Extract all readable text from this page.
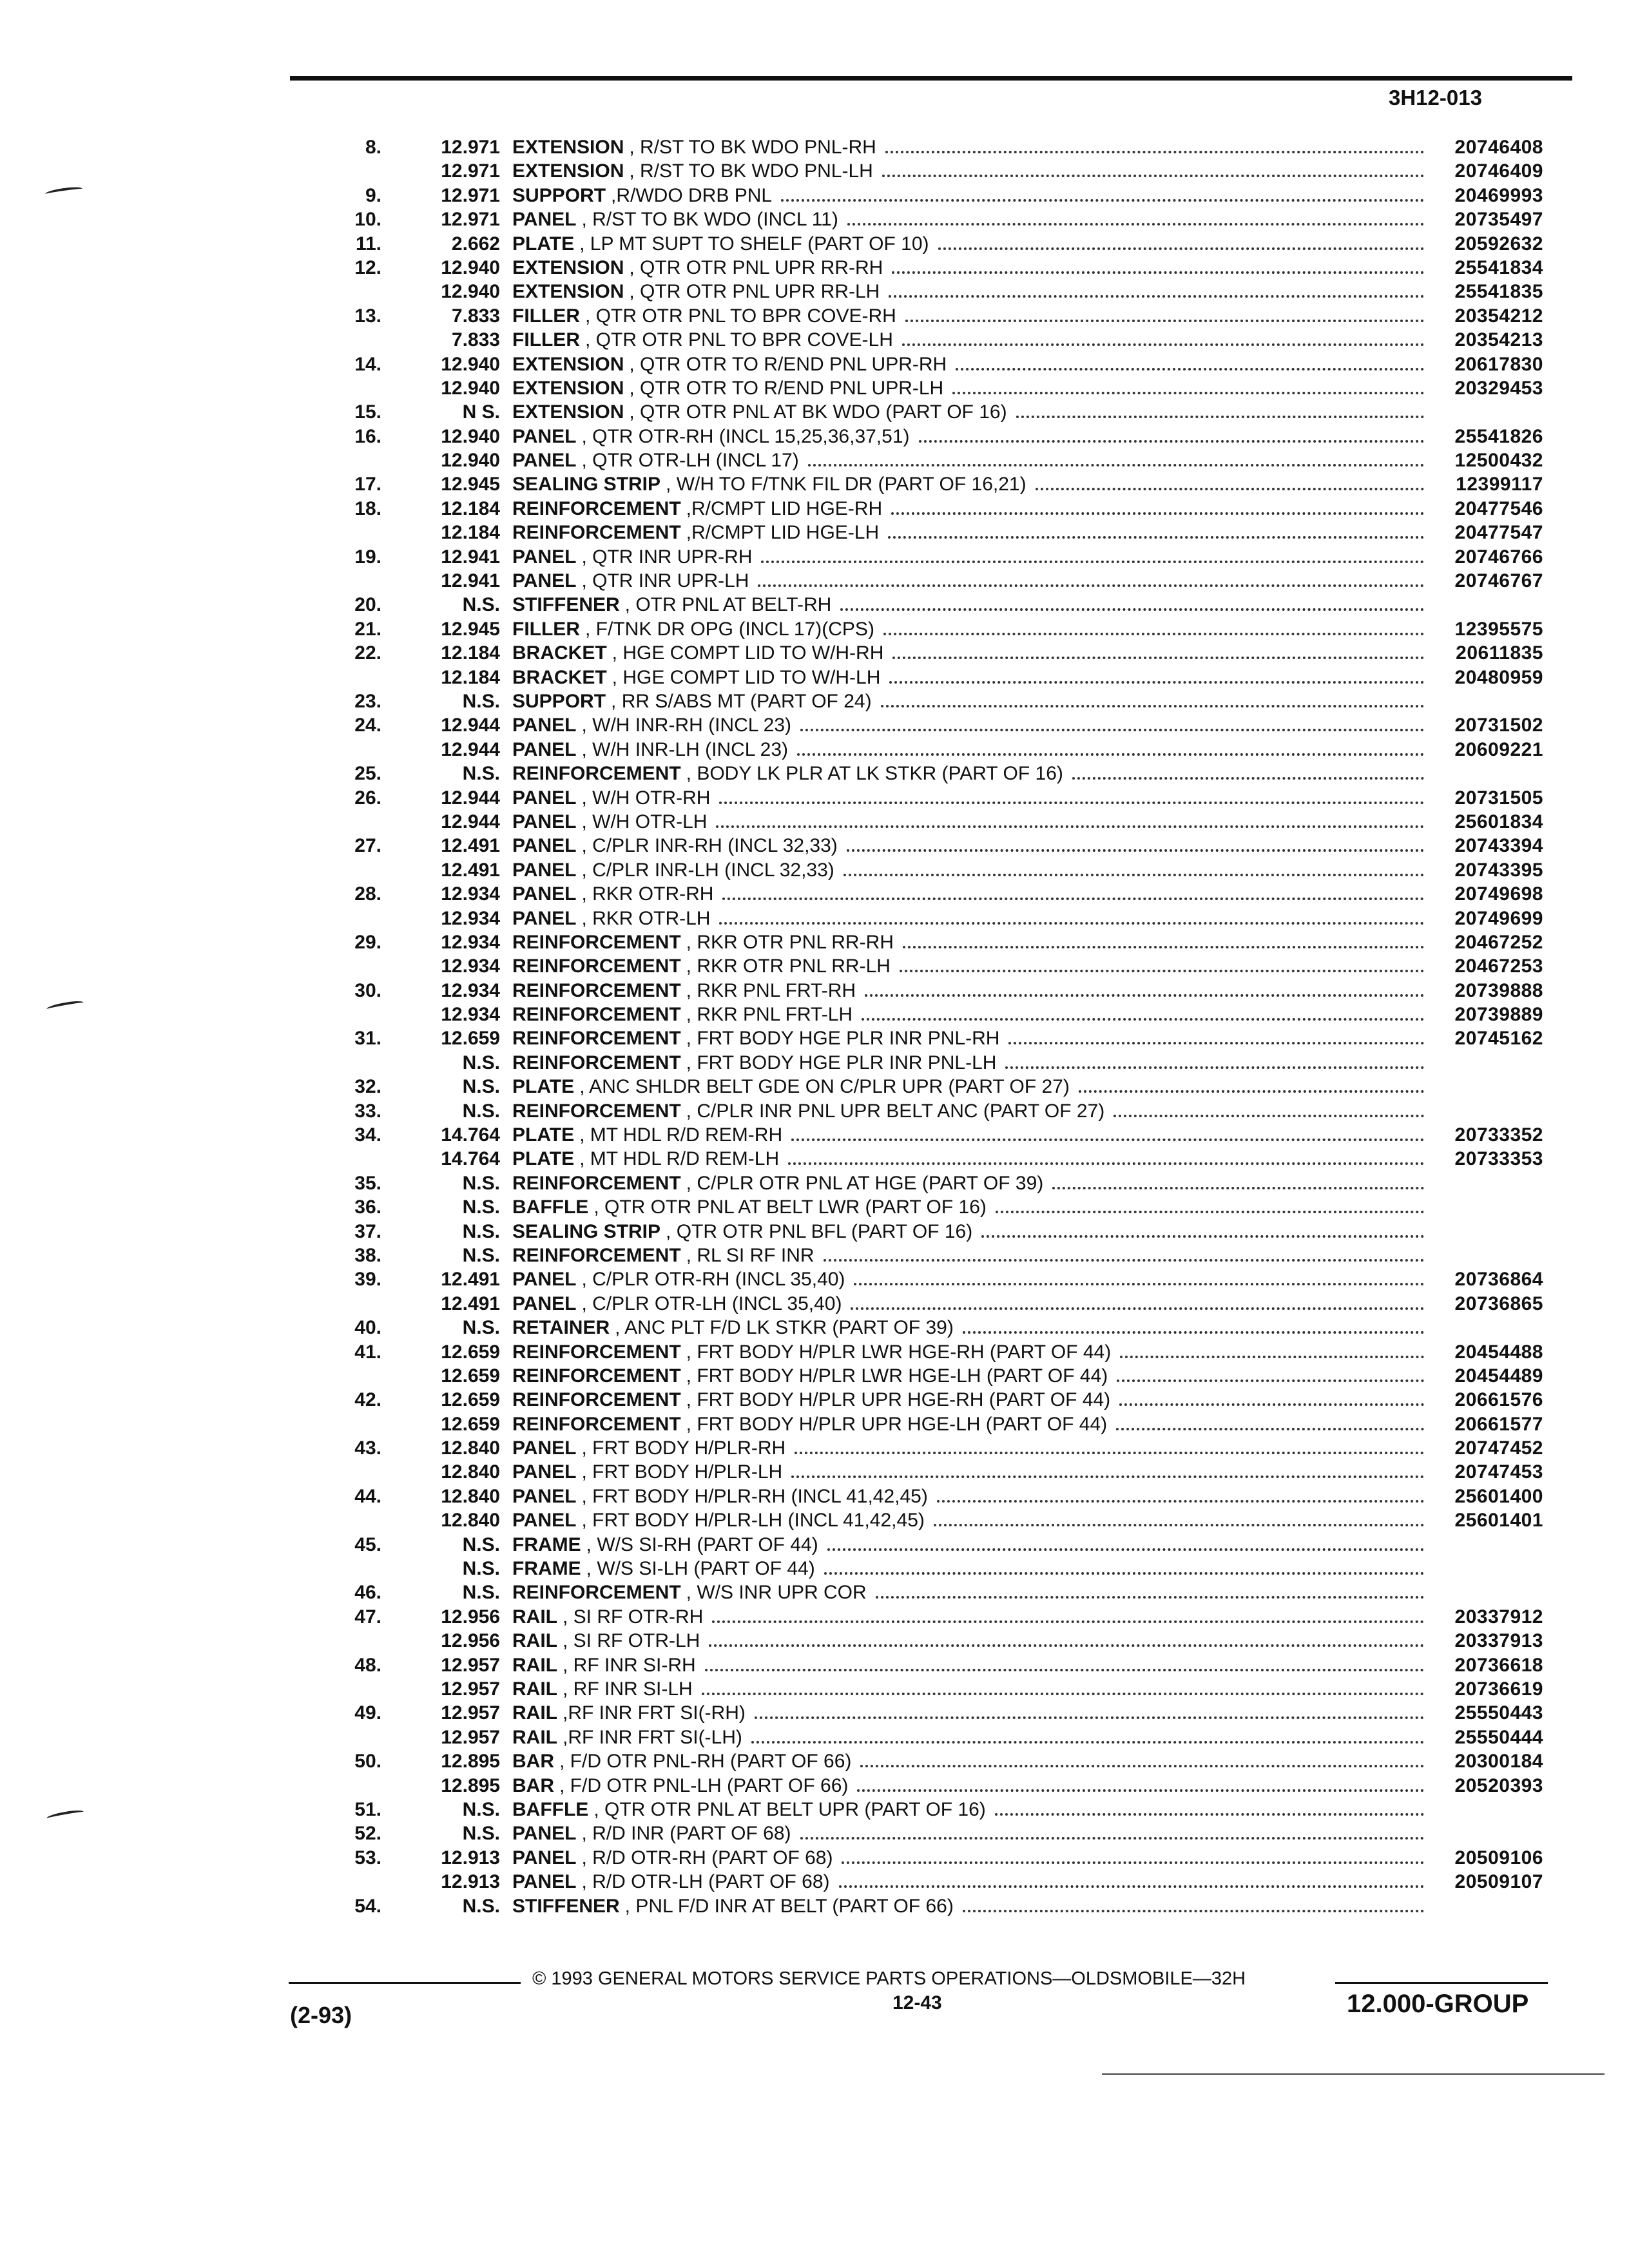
3H12-013
8.	12.971 EXTENSION , R/ST TO BK WDO PNL-RH	20746408
12.971 EXTENSION , R/ST TO BK WDO PNL-LH	20746409
9.	12.971 SUPPORT ,R/WDO DRB PNL	20469993
10.	12.971 PANEL , R/ST TO BK WDO (INCL 11)	20735497
11.	2.662 PLATE , LP MT SUPT TO SHELF (PART OF 10)	20592632
12.	12.940 EXTENSION , QTR OTR PNL UPR RR-RH	25541834
12.940 EXTENSION , QTR OTR PNL UPR RR-LH	25541835
13.	7.833 FILLER , QTR OTR PNL TO BPR COVE-RH	20354212
7.833 FILLER , QTR OTR PNL TO BPR COVE-LH	20354213
14.	12.940 EXTENSION , QTR OTR TO R/END PNL UPR-RH	20617830
12.940 EXTENSION , QTR OTR TO R/END PNL UPR-LH	20329453
15.	N S. EXTENSION , QTR OTR PNL AT BK WDO (PART OF 16)
16.	12.940 PANEL , QTR OTR-RH (INCL 15,25,36,37,51)	25541826
12.940 PANEL , QTR OTR-LH (INCL 17)	12500432
17.	12.945 SEALING STRIP , W/H TO F/TNK FIL DR (PART OF 16,21)	12399117
18.	12.184 REINFORCEMENT ,R/CMPT LID HGE-RH	20477546
12.184 REINFORCEMENT ,R/CMPT LID HGE-LH	20477547
19.	12.941 PANEL , QTR INR UPR-RH	20746766
12.941 PANEL , QTR INR UPR-LH	20746767
20.	N.S. STIFFENER , OTR PNL AT BELT-RH
21.	12.945 FILLER , F/TNK DR OPG (INCL 17)(CPS)	12395575
22.	12.184 BRACKET , HGE COMPT LID TO W/H-RH	20611835
12.184 BRACKET , HGE COMPT LID TO W/H-LH	20480959
23.	N.S. SUPPORT , RR S/ABS MT (PART OF 24)
24.	12.944 PANEL , W/H INR-RH (INCL 23)	20731502
12.944 PANEL , W/H INR-LH (INCL 23)	20609221
25.	N.S. REINFORCEMENT , BODY LK PLR AT LK STKR (PART OF 16)
26.	12.944 PANEL , W/H OTR-RH	20731505
12.944 PANEL , W/H OTR-LH	25601834
27.	12.491 PANEL , C/PLR INR-RH (INCL 32,33)	20743394
12.491 PANEL , C/PLR INR-LH (INCL 32,33)	20743395
28.	12.934 PANEL , RKR OTR-RH	20749698
12.934 PANEL , RKR OTR-LH	20749699
29.	12.934 REINFORCEMENT , RKR OTR PNL RR-RH	20467252
12.934 REINFORCEMENT , RKR OTR PNL RR-LH	20467253
30.	12.934 REINFORCEMENT , RKR PNL FRT-RH	20739888
12.934 REINFORCEMENT , RKR PNL FRT-LH	20739889
31.	12.659 REINFORCEMENT , FRT BODY HGE PLR INR PNL-RH	20745162
N.S. REINFORCEMENT , FRT BODY HGE PLR INR PNL-LH
32.	N.S. PLATE , ANC SHLDR BELT GDE ON C/PLR UPR (PART OF 27)
33.	N.S. REINFORCEMENT , C/PLR INR PNL UPR BELT ANC (PART OF 27)
34.	14.764 PLATE , MT HDL R/D REM-RH	20733352
14.764 PLATE , MT HDL R/D REM-LH	20733353
35.	N.S. REINFORCEMENT , C/PLR OTR PNL AT HGE (PART OF 39)
36.	N.S. BAFFLE , QTR OTR PNL AT BELT LWR (PART OF 16)
37.	N.S. SEALING STRIP , QTR OTR PNL BFL (PART OF 16)
38.	N.S. REINFORCEMENT , RL SI RF INR
39.	12.491 PANEL , C/PLR OTR-RH (INCL 35,40)	20736864
12.491 PANEL , C/PLR OTR-LH (INCL 35,40)	20736865
40.	N.S. RETAINER , ANC PLT F/D LK STKR (PART OF 39)
41.	12.659 REINFORCEMENT , FRT BODY H/PLR LWR HGE-RH (PART OF 44)	20454488
12.659 REINFORCEMENT , FRT BODY H/PLR LWR HGE-LH (PART OF 44)	20454489
42.	12.659 REINFORCEMENT , FRT BODY H/PLR UPR HGE-RH (PART OF 44)	20661576
12.659 REINFORCEMENT , FRT BODY H/PLR UPR HGE-LH (PART OF 44)	20661577
43.	12.840 PANEL , FRT BODY H/PLR-RH	20747452
12.840 PANEL , FRT BODY H/PLR-LH	20747453
44.	12.840 PANEL , FRT BODY H/PLR-RH (INCL 41,42,45)	25601400
12.840 PANEL , FRT BODY H/PLR-LH (INCL 41,42,45)	25601401
45.	N.S. FRAME , W/S SI-RH (PART OF 44)
N.S. FRAME , W/S SI-LH (PART OF 44)
46.	N.S. REINFORCEMENT , W/S INR UPR COR
47.	12.956 RAIL , SI RF OTR-RH	20337912
12.956 RAIL , SI RF OTR-LH	20337913
48.	12.957 RAIL , RF INR SI-RH	20736618
12.957 RAIL , RF INR SI-LH	20736619
49.	12.957 RAIL ,RF INR FRT SI(-RH)	25550443
12.957 RAIL ,RF INR FRT SI(-LH)	25550444
50.	12.895 BAR , F/D OTR PNL-RH (PART OF 66)	20300184
12.895 BAR , F/D OTR PNL-LH (PART OF 66)	20520393
51.	N.S. BAFFLE , QTR OTR PNL AT BELT UPR (PART OF 16)
52.	N.S. PANEL , R/D INR (PART OF 68)
53.	12.913 PANEL , R/D OTR-RH (PART OF 68)	20509106
12.913 PANEL , R/D OTR-LH (PART OF 68)	20509107
54.	N.S. STIFFENER , PNL F/D INR AT BELT (PART OF 66)
© 1993 GENERAL MOTORS SERVICE PARTS OPERATIONS—OLDSMOBILE—32H
(2-93)	12-43	12.000-GROUP
